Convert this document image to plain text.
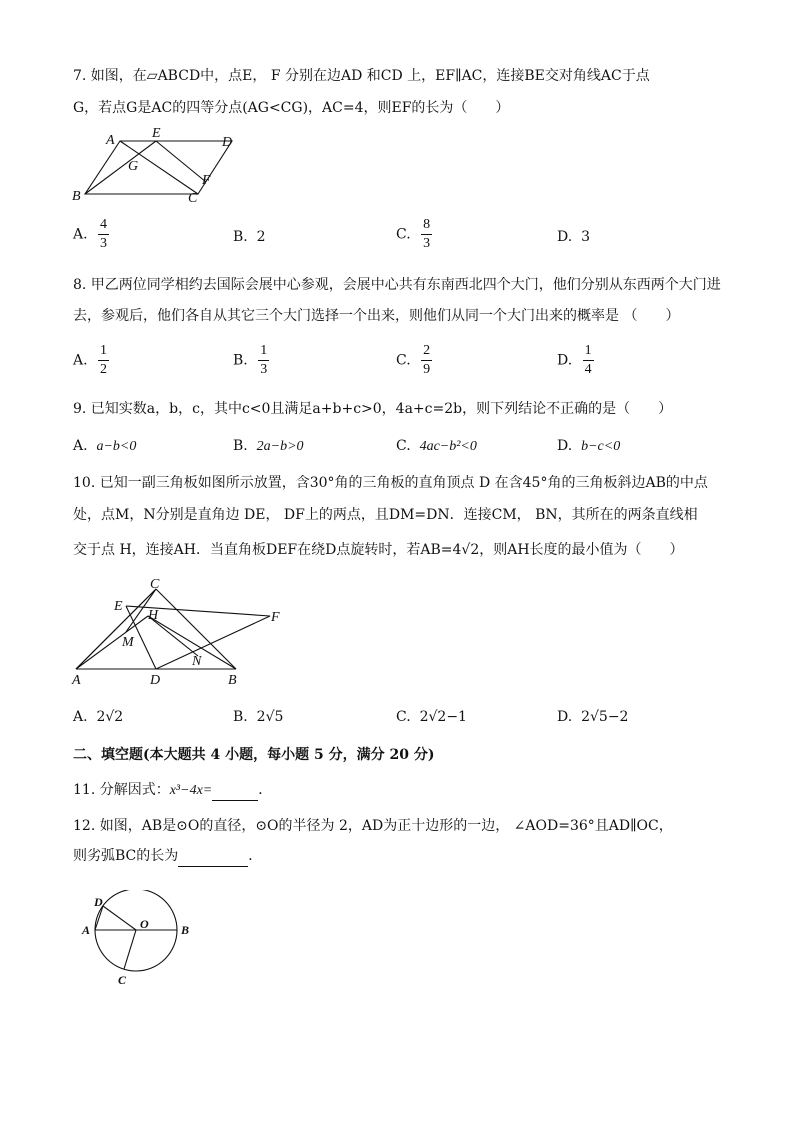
7. 如图，在▱ABCD中，点E， F 分别在边AD 和CD 上，EF∥AC，连接BE交对角线AC于点
G，若点G是AC的四等分点(AG<CG)，AC=4，则EF的长为（　　）
A	E
D
G
F
B	C
A. $\frac{4}{3}$	B. 2	C. $\frac{8}{3}$	D. 3
8. 甲乙两位同学相约去国际会展中心参观，会展中心共有东南西北四个大门，他们分别从东西两个大门进
去，参观后，他们各自从其它三个大门选择一个出来，则他们从同一个大门出来的概率是 （　　）
A. $\frac{1}{2}$	B. $\frac{1}{3}$	C. $\frac{2}{9}$	D. $\frac{1}{4}$
9. 已知实数a，b，c，其中c<0且满足a+b+c>0，4a+c=2b，则下列结论不正确的是（　　）
A. a−b<0	B. 2a−b>0	C. 4ac−b²<0	D. b−c<0
10. 已知一副三角板如图所示放置，含30°角的三角板的直角顶点 D 在含45°角的三角板斜边AB的中点
处，点M，N分别是直角边 DE， DF上的两点，且DM=DN．连接CM， BN，其所在的两条直线相
交于点 H，连接AH．当直角板DEF在绕D点旋转时，若AB=4√2，则AH长度的最小值为（　　）
C
E
H	F
M
N
A	D	B
A. 2√2	B. 2√5	C. 2√2−1	D. 2√5−2
二、填空题(本大题共 4 小题，每小题 5 分，满分 20 分)
11. 分解因式：x³−4x=	．
12. 如图，AB是⊙O的直径，⊙O的半径为 2，AD为正十边形的一边， ∠AOD=36°且AD∥OC，
则劣弧BC的长为	．
D
A	O	B
C
